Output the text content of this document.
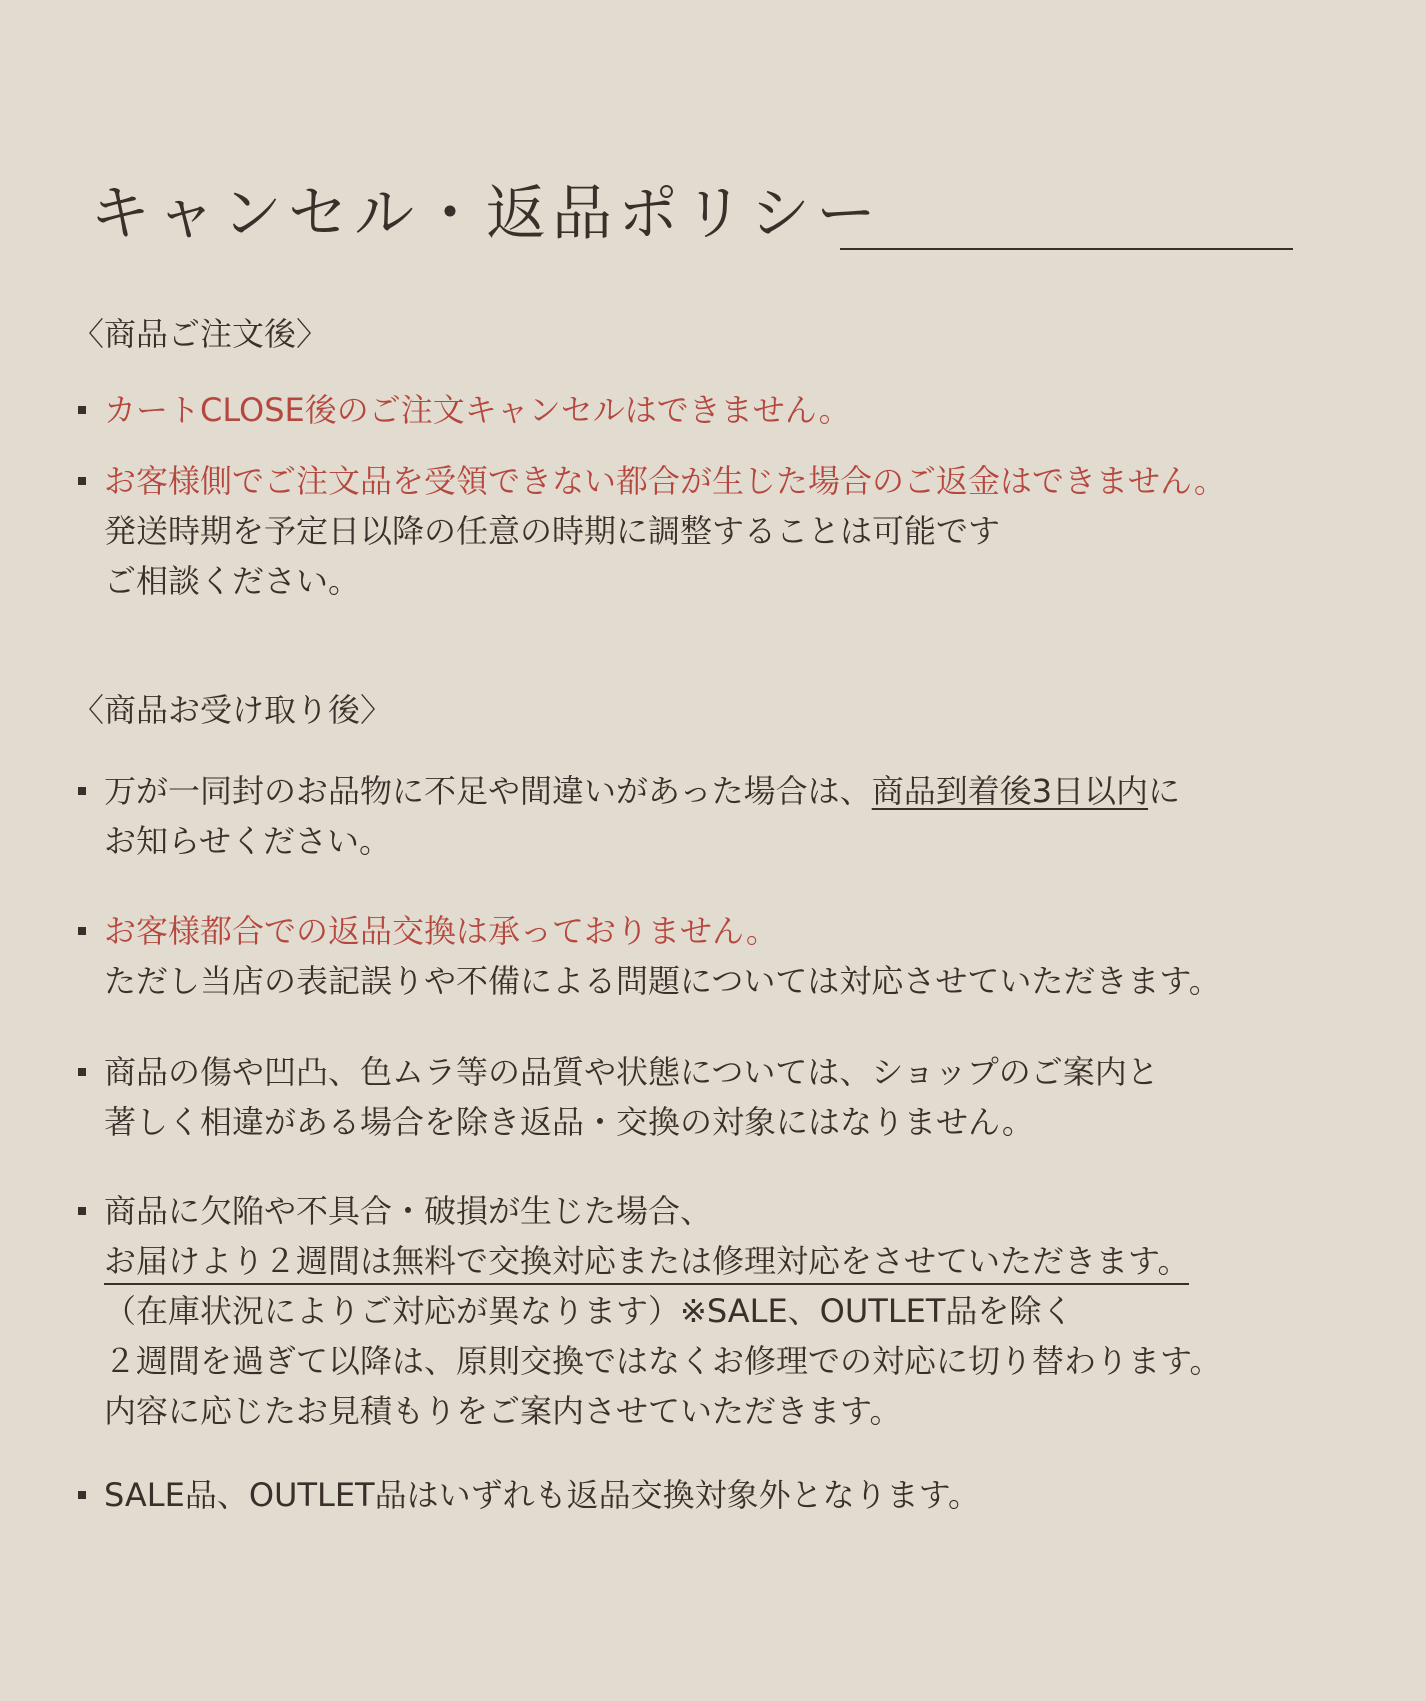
キャンセル・返品ポリシー
〈商品ご注文後〉
カートCLOSE後のご注文キャンセルはできません。
お客様側でご注文品を受領できない都合が生じた場合のご返金はできません。
発送時期を予定日以降の任意の時期に調整することは可能です
ご相談ください。
〈商品お受け取り後〉
万が一同封のお品物に不足や間違いがあった場合は、商品到着後3日以内に
お知らせください。
お客様都合での返品交換は承っておりません。
ただし当店の表記誤りや不備による問題については対応させていただきます。
商品の傷や凹凸、色ムラ等の品質や状態については、ショップのご案内と
著しく相違がある場合を除き返品・交換の対象にはなりません。
商品に欠陥や不具合・破損が生じた場合、
お届けより２週間は無料で交換対応または修理対応をさせていただきます。
（在庫状況によりご対応が異なります）※SALE、OUTLET品を除く
２週間を過ぎて以降は、原則交換ではなくお修理での対応に切り替わります。
内容に応じたお見積もりをご案内させていただきます。
SALE品、OUTLET品はいずれも返品交換対象外となります。
